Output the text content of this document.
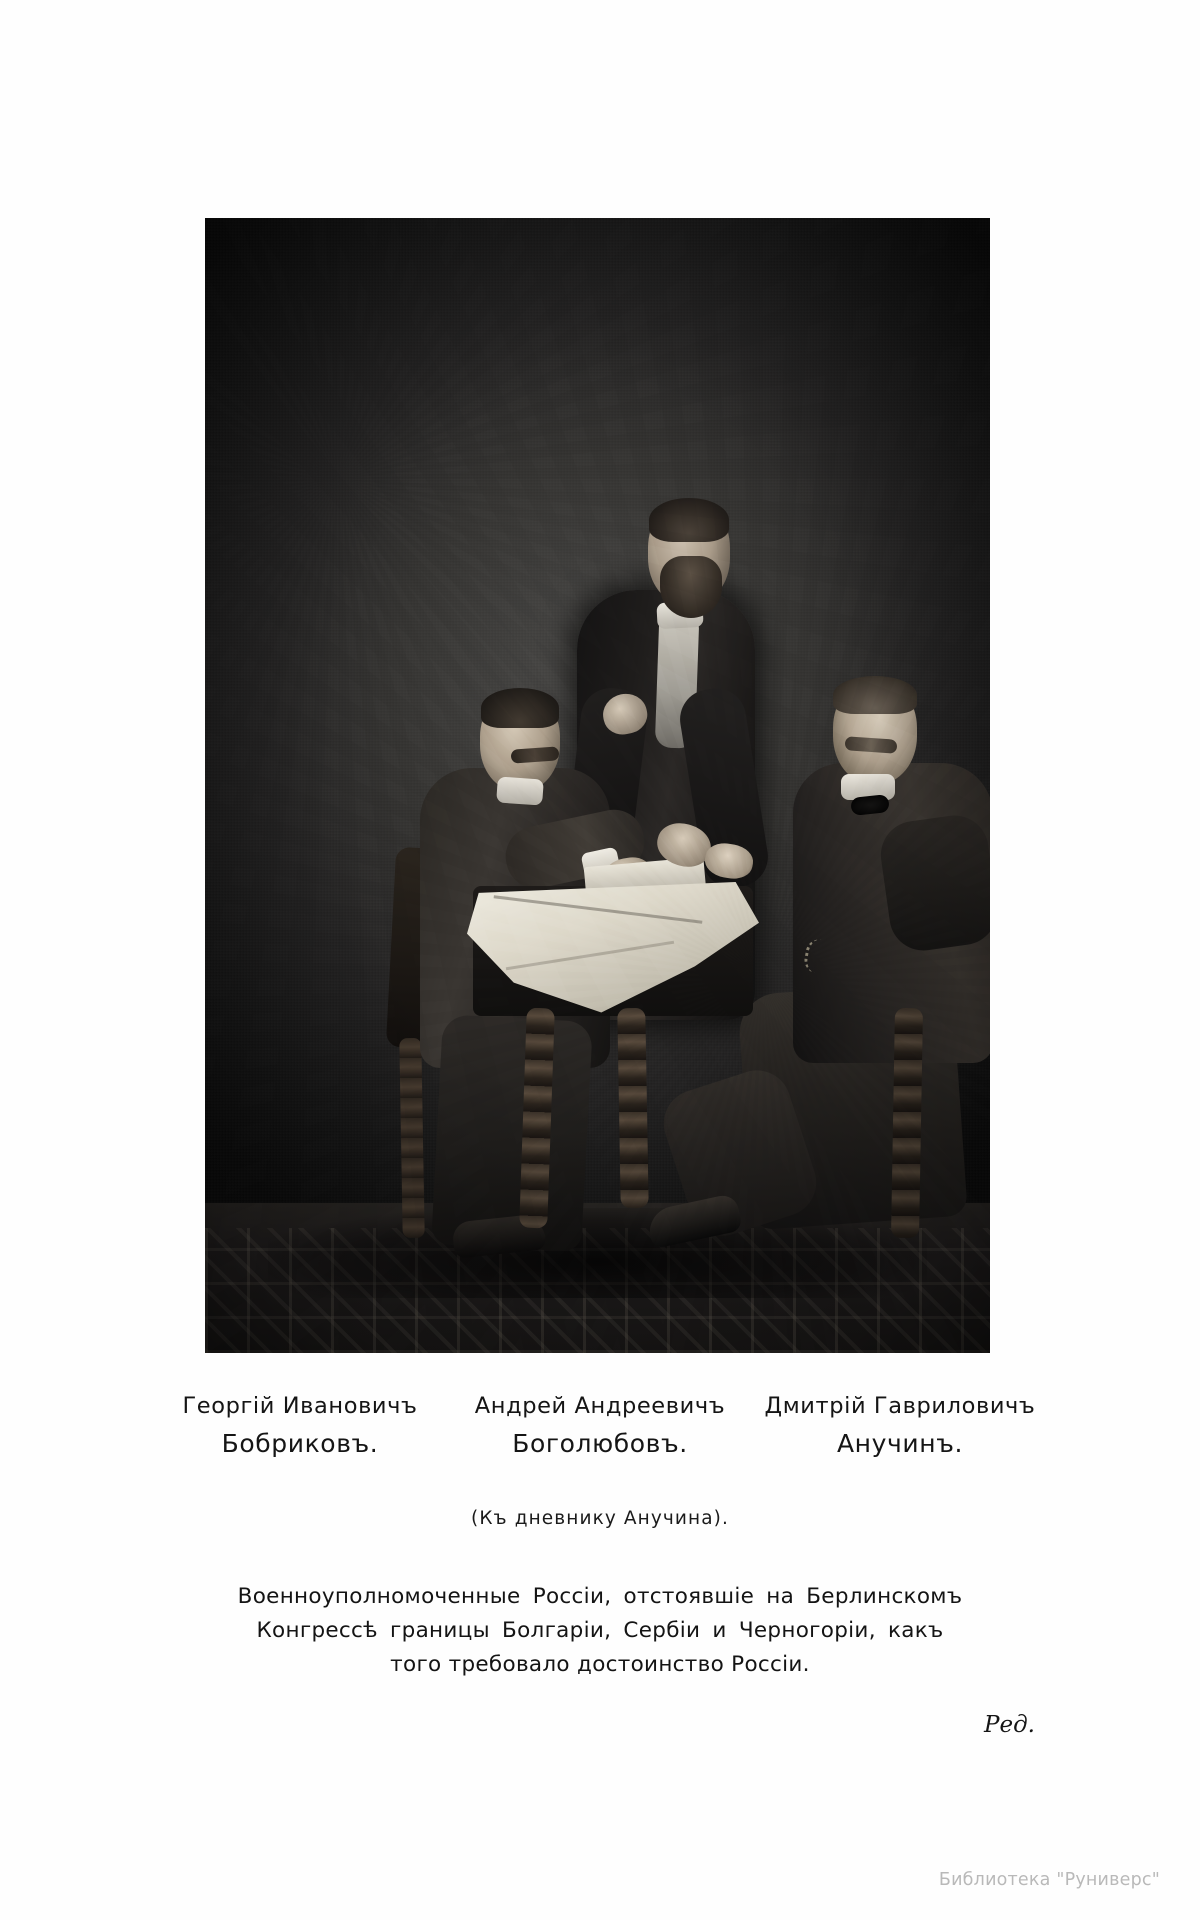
Георгій Ивановичъ	Андрей Андреевичъ	Дмитрій Гавриловичъ
Бобриковъ.	Боголюбовъ.	Анучинъ.
(Къ дневнику Анучина).
Военноуполномоченные Россіи, отстоявшіе на Берлинскомъ
Конгрессѣ границы Болгаріи, Сербіи и Черногоріи, какъ
того требовало достоинство Россіи.
Ред.
Библиотека "Руниверс"
